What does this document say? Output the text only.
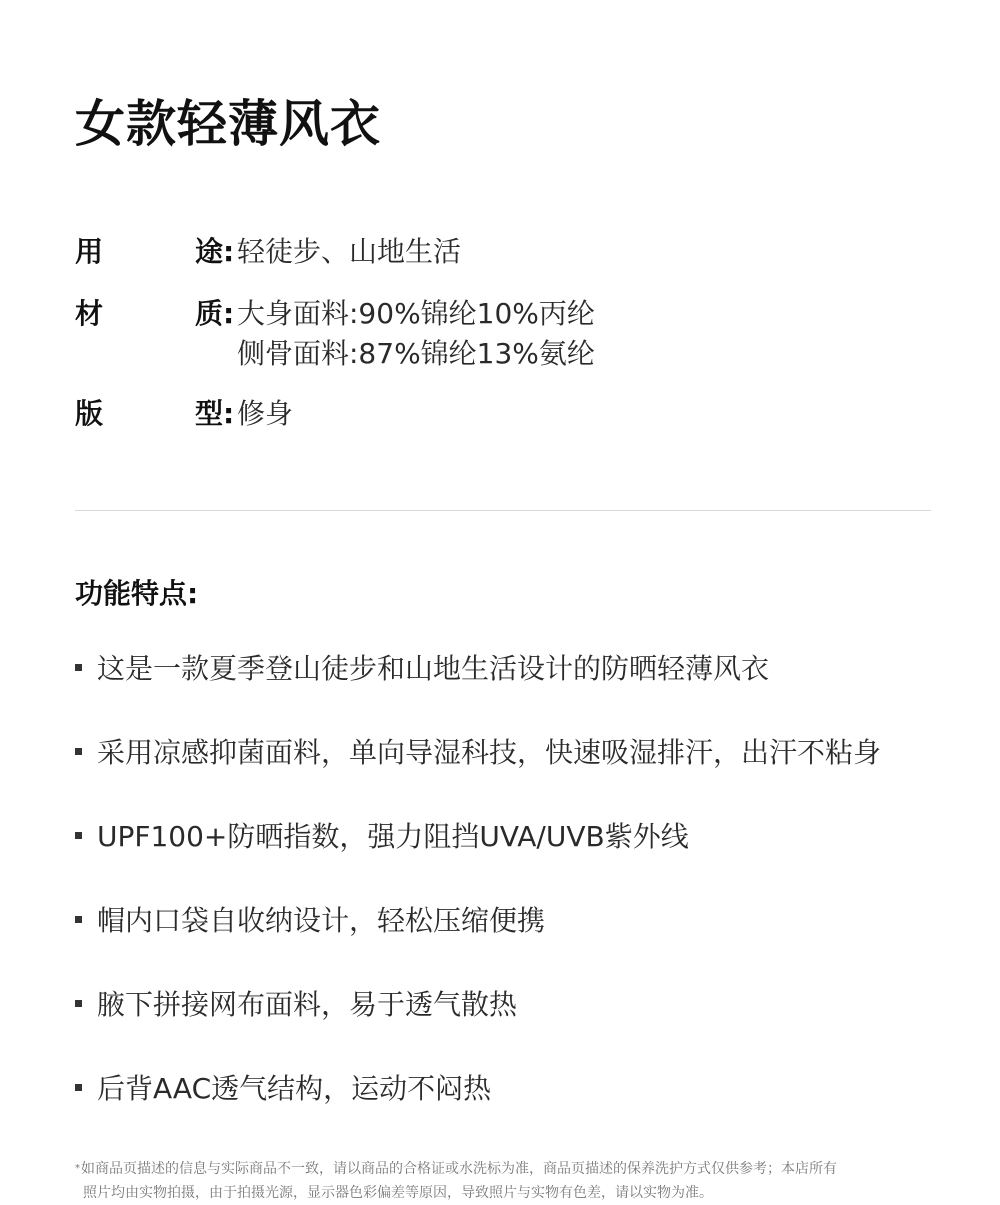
女款轻薄风衣
用	途 : 轻徒步、山地生活
材	质 : 大身面料:90%锦纶10%丙纶
侧骨面料:87%锦纶13%氨纶
版	型 : 修身
功能特点:
这是一款夏季登山徒步和山地生活设计的防晒轻薄风衣
采用凉感抑菌面料，单向导湿科技，快速吸湿排汗，出汗不粘身
UPF100+防晒指数，强力阻挡UVA/UVB紫外线
帽内口袋自收纳设计，轻松压缩便携
腋下拼接网布面料，易于透气散热
后背AAC透气结构，运动不闷热
*如商品页描述的信息与实际商品不一致，请以商品的合格证或水洗标为准，商品页描述的保养洗护方式仅供参考；本店所有
照片均由实物拍摄，由于拍摄光源，显示器色彩偏差等原因，导致照片与实物有色差，请以实物为准。
